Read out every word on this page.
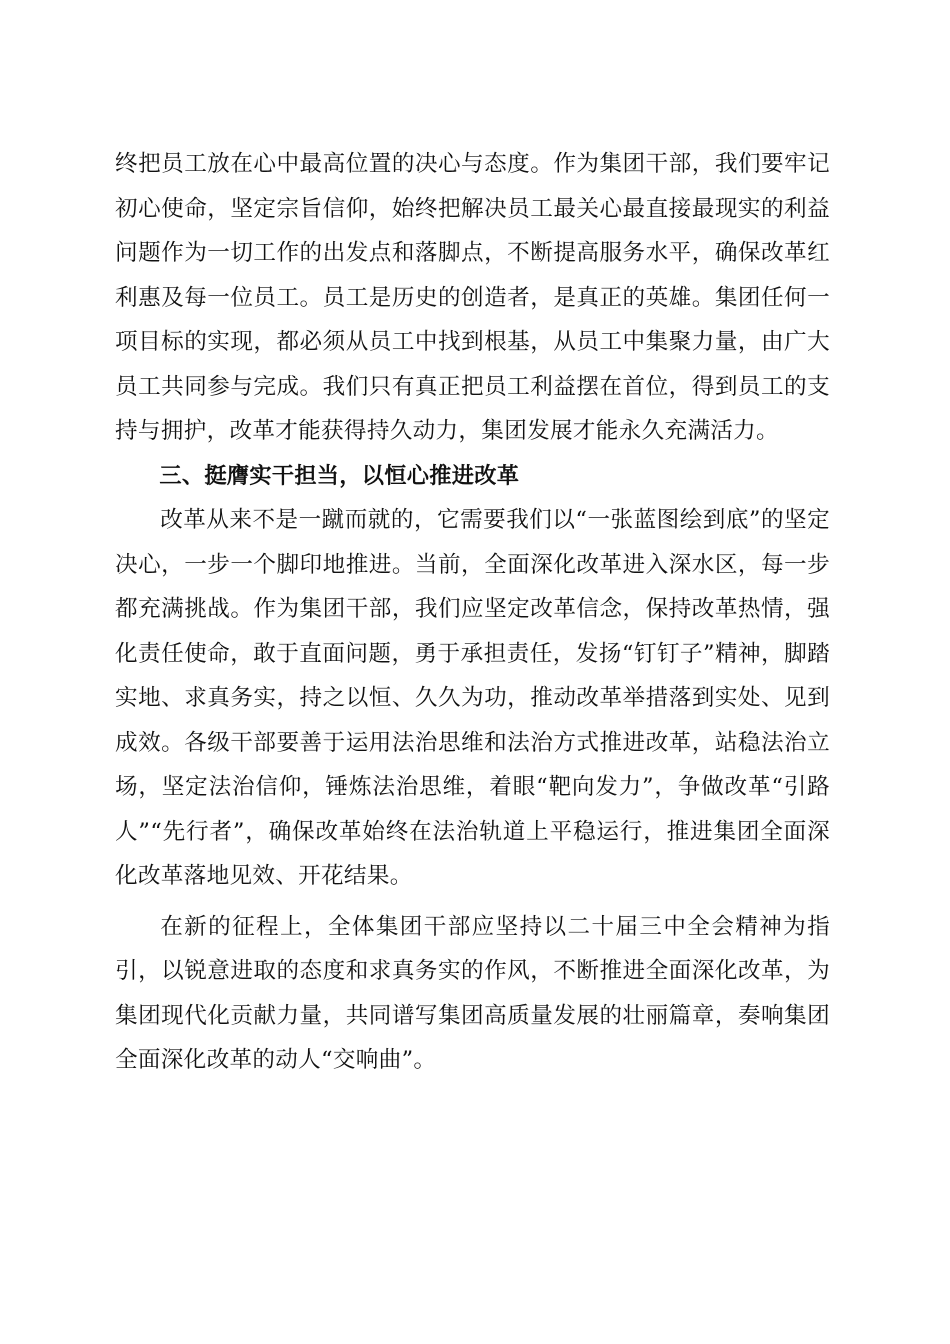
终把员工放在心中最高位置的决心与态度。作为集团干部，我们要牢记初心使命，坚定宗旨信仰，始终把解决员工最关心最直接最现实的利益问题作为一切工作的出发点和落脚点，不断提高服务水平，确保改革红利惠及每一位员工。员工是历史的创造者，是真正的英雄。集团任何一项目标的实现，都必须从员工中找到根基，从员工中集聚力量，由广大员工共同参与完成。我们只有真正把员工利益摆在首位，得到员工的支持与拥护，改革才能获得持久动力，集团发展才能永久充满活力。

三、挺膺实干担当，以恒心推进改革

改革从来不是一蹴而就的，它需要我们以“一张蓝图绘到底”的坚定决心，一步一个脚印地推进。当前，全面深化改革进入深水区，每一步都充满挑战。作为集团干部，我们应坚定改革信念，保持改革热情，强化责任使命，敢于直面问题，勇于承担责任，发扬“钉钉子”精神，脚踏实地、求真务实，持之以恒、久久为功，推动改革举措落到实处、见到成效。各级干部要善于运用法治思维和法治方式推进改革，站稳法治立场，坚定法治信仰，锤炼法治思维，着眼“靶向发力”，争做改革“引路人”“先行者”，确保改革始终在法治轨道上平稳运行，推进集团全面深化改革落地见效、开花结果。

在新的征程上，全体集团干部应坚持以二十届三中全会精神为指引，以锐意进取的态度和求真务实的作风，不断推进全面深化改革，为集团现代化贡献力量，共同谱写集团高质量发展的壮丽篇章，奏响集团全面深化改革的动人“交响曲”。
